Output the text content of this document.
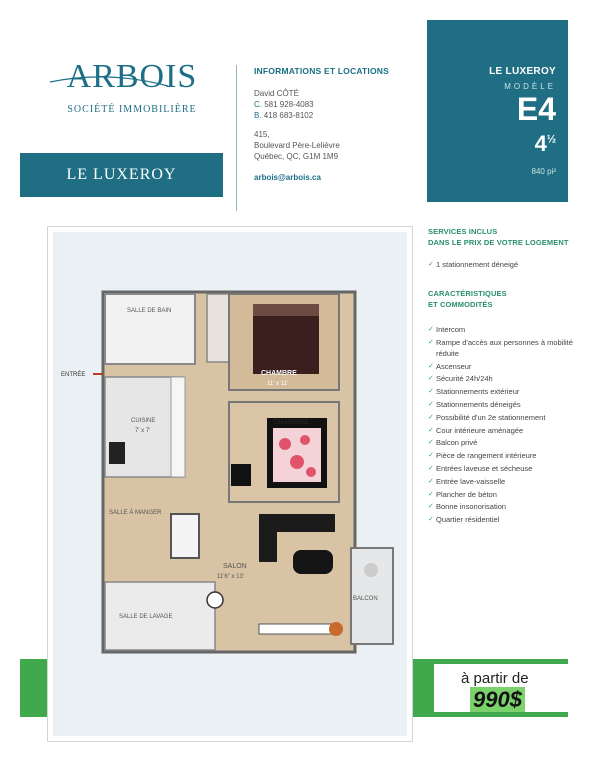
ARBOIS
SOCIÉTÉ IMMOBILIÈRE
LE LUXEROY
INFORMATIONS ET LOCATIONS
David CÔTÉ
C. 581 928-4083
B. 418 683-8102
415,
Boulevard Père-Lelièvre
Québec, QC, G1M 1M9
arbois@arbois.ca
LE LUXEROY
MODÈLE
E4
$4^{\frac{1}{2}}$
840 pi²
ENTRÉE
SALLE DE BAIN
CHAMBRE
11' x 11'
CHAMBRE
CUISINE
7' x 7'
SALLE À MANGER
SALON
11'6" x 13'
SALLE DE LAVAGE
BALCON
SERVICES INCLUS
DANS LE PRIX DE VOTRE LOGEMENT
✓ 1 stationnement déneigé
CARACTÉRISTIQUES
ET COMMODITÉS
✓ Intercom
✓ Rampe d'accès aux personnes à mobilité réduite
✓ Ascenseur
✓ Sécurité 24h/24h
✓ Stationnements extérieur
✓ Stationnements déneigés
✓ Possibilité d'un 2e stationnement
✓ Cour intérieure aménagée
✓ Balcon privé
✓ Pièce de rangement intérieure
✓ Entrées laveuse et sécheuse
✓ Entrée lave-vaisselle
✓ Plancher de béton
✓ Bonne insonorisation
✓ Quartier résidentiel
à partir de
990$
